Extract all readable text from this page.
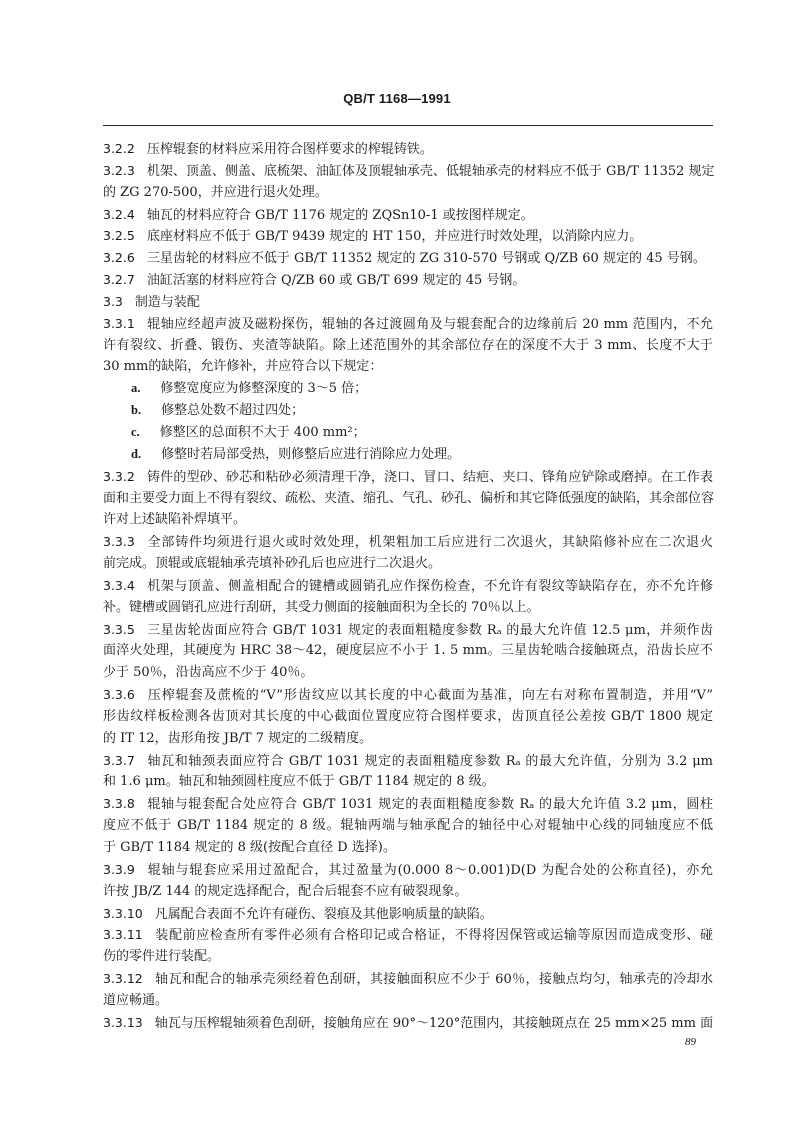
QB/T 1168—1991
3.2.2 压榨辊套的材料应采用符合图样要求的榨辊铸铁。
3.2.3 机架、顶盖、侧盖、底梳架、油缸体及顶辊轴承壳、低辊轴承壳的材料应不低于 GB/T 11352 规定
的 ZG 270-500，并应进行退火处理。
3.2.4 轴瓦的材料应符合 GB/T 1176 规定的 ZQSn10-1 或按图样规定。
3.2.5 底座材料应不低于 GB/T 9439 规定的 HT 150，并应进行时效处理，以消除内应力。
3.2.6 三星齿轮的材料应不低于 GB/T 11352 规定的 ZG 310-570 号钢或 Q/ZB 60 规定的 45 号钢。
3.2.7 油缸活塞的材料应符合 Q/ZB 60 或 GB/T 699 规定的 45 号钢。
3.3 制造与装配
3.3.1 辊轴应经超声波及磁粉探伤，辊轴的各过渡圆角及与辊套配合的边缘前后 20 mm 范围内，不允
许有裂纹、折叠、锻伤、夹渣等缺陷。除上述范围外的其余部位存在的深度不大于 3 mm、长度不大于
30 mm的缺陷，允许修补，并应符合以下规定：
a. 修整宽度应为修整深度的 3～5 倍；
b. 修整总处数不超过四处；
c. 修整区的总面积不大于 400 mm²；
d. 修整时若局部受热，则修整后应进行消除应力处理。
3.3.2 铸件的型砂、砂芯和粘砂必须清理干净，浇口、冒口、结疤、夹口、锋角应铲除或磨掉。在工作表
面和主要受力面上不得有裂纹、疏松、夹渣、缩孔、气孔、砂孔、偏析和其它降低强度的缺陷，其余部位容
许对上述缺陷补焊填平。
3.3.3 全部铸件均须进行退火或时效处理，机架粗加工后应进行二次退火，其缺陷修补应在二次退火
前完成。顶辊或底辊轴承壳填补砂孔后也应进行二次退火。
3.3.4 机架与顶盖、侧盖相配合的键槽或圆销孔应作探伤检查，不允许有裂纹等缺陷存在，亦不允许修
补。键槽或圆销孔应进行刮研，其受力侧面的接触面积为全长的 70％以上。
3.3.5 三星齿轮齿面应符合 GB/T 1031 规定的表面粗糙度参数 Rₐ 的最大允许值 12.5 μm，并须作齿
面淬火处理，其硬度为 HRC 38～42，硬度层应不小于 1. 5 mm。三星齿轮啮合接触斑点，沿齿长应不
少于 50％，沿齿高应不少于 40％。
3.3.6 压榨辊套及蔗梳的“V”形齿纹应以其长度的中心截面为基准，向左右对称布置制造，并用“V”
形齿纹样板检测各齿顶对其长度的中心截面位置度应符合图样要求，齿顶直径公差按 GB/T 1800 规定
的 IT 12，齿形角按 JB/T 7 规定的二级精度。
3.3.7 轴瓦和轴颈表面应符合 GB/T 1031 规定的表面粗糙度参数 Rₐ 的最大允许值，分别为 3.2 μm
和 1.6 μm。轴瓦和轴颈圆柱度应不低于 GB/T 1184 规定的 8 级。
3.3.8 辊轴与辊套配合处应符合 GB/T 1031 规定的表面粗糙度参数 Rₐ 的最大允许值 3.2 μm，圆柱
度应不低于 GB/T 1184 规定的 8 级。辊轴两端与轴承配合的轴径中心对辊轴中心线的同轴度应不低
于 GB/T 1184 规定的 8 级(按配合直径 D 选择)。
3.3.9 辊轴与辊套应采用过盈配合，其过盈量为(0.000 8～0.001)D(D 为配合处的公称直径)，亦允
许按 JB/Z 144 的规定选择配合，配合后辊套不应有破裂现象。
3.3.10 凡属配合表面不允许有碰伤、裂痕及其他影响质量的缺陷。
3.3.11 装配前应检查所有零件必须有合格印记或合格证，不得将因保管或运输等原因而造成变形、碰
伤的零件进行装配。
3.3.12 轴瓦和配合的轴承壳须经着色刮研，其接触面积应不少于 60％，接触点均匀，轴承壳的冷却水
道应畅通。
3.3.13 轴瓦与压榨辊轴须着色刮研，接触角应在 90°～120°范围内，其接触斑点在 25 mm×25 mm 面
89
